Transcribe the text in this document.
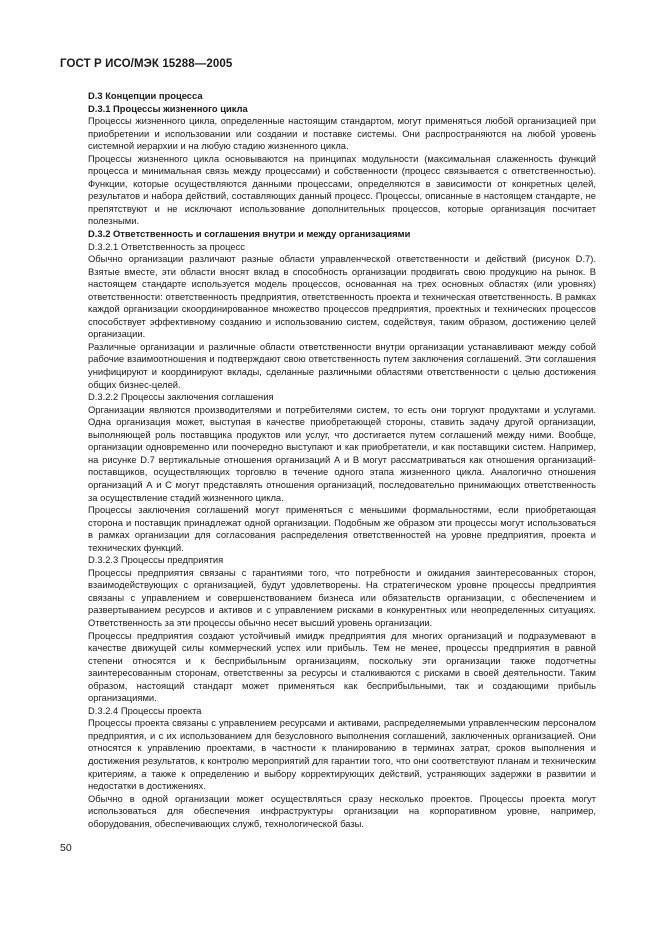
ГОСТ Р ИСО/МЭК 15288—2005

D.3 Концепции процесса

D.3.1 Процессы жизненного цикла

Процессы жизненного цикла, определенные настоящим стандартом, могут применяться любой организацией при приобретении и использовании или создании и поставке системы. Они распространяются на любой уровень системной иерархии и на любую стадию жизненного цикла.

Процессы жизненного цикла основываются на принципах модульности (максимальная слаженность функций процесса и минимальная связь между процессами) и собственности (процесс связывается с ответственностью). Функции, которые осуществляются данными процессами, определяются в зависимости от конкретных целей, результатов и набора действий, составляющих данный процесс. Процессы, описанные в настоящем стандарте, не препятствуют и не исключают использование дополнительных процессов, которые организация посчитает полезными.

D.3.2 Ответственность и соглашения внутри и между организациями

D.3.2.1 Ответственность за процесс

Обычно организации различают разные области управленческой ответственности и действий (рисунок D.7). Взятые вместе, эти области вносят вклад в способность организации продвигать свою продукцию на рынок. В настоящем стандарте используется модель процессов, основанная на трех основных областях (или уровнях) ответственности: ответственность предприятия, ответственность проекта и техническая ответственность. В рамках каждой организации скоординированное множество процессов предприятия, проектных и технических процессов способствует эффективному созданию и использованию систем, содействуя, таким образом, достижению целей организации.

Различные организации и различные области ответственности внутри организации устанавливают между собой рабочие взаимоотношения и подтверждают свою ответственность путем заключения соглашений. Эти соглашения унифицируют и координируют вклады, сделанные различными областями ответственности с целью достижения общих бизнес-целей.

D.3.2.2 Процессы заключения соглашения

Организации являются производителями и потребителями систем, то есть они торгуют продуктами и услугами. Одна организация может, выступая в качестве приобретающей стороны, ставить задачу другой организации, выполняющей роль поставщика продуктов или услуг, что достигается путем соглашений между ними. Вообще, организации одновременно или поочередно выступают и как приобретатели, и как поставщики систем. Например, на рисунке D.7 вертикальные отношения организаций А и В могут рассматриваться как отношения организаций-поставщиков, осуществляющих торговлю в течение одного этапа жизненного цикла. Аналогично отношения организаций А и С могут представлять отношения организаций, последовательно принимающих ответственность за осуществление стадий жизненного цикла.

Процессы заключения соглашений могут применяться с меньшими формальностями, если приобретающая сторона и поставщик принадлежат одной организации. Подобным же образом эти процессы могут использоваться в рамках организации для согласования распределения ответственностей на уровне предприятия, проекта и технических функций.

D.3.2.3 Процессы предприятия

Процессы предприятия связаны с гарантиями того, что потребности и ожидания заинтересованных сторон, взаимодействующих с организацией, будут удовлетворены. На стратегическом уровне процессы предприятия связаны с управлением и совершенствованием бизнеса или обязательств организации, с обеспечением и развертыванием ресурсов и активов и с управлением рисками в конкурентных или неопределенных ситуациях. Ответственность за эти процессы обычно несет высший уровень организации.

Процессы предприятия создают устойчивый имидж предприятия для многих организаций и подразумевают в качестве движущей силы коммерческий успех или прибыль. Тем не менее, процессы предприятия в равной степени относятся и к бесприбыльным организациям, поскольку эти организации также подотчетны заинтересованным сторонам, ответственны за ресурсы и сталкиваются с рисками в своей деятельности. Таким образом, настоящий стандарт может применяться как бесприбыльными, так и создающими прибыль организациями.

D.3.2.4 Процессы проекта

Процессы проекта связаны с управлением ресурсами и активами, распределяемыми управленческим персоналом предприятия, и с их использованием для безусловного выполнения соглашений, заключенных организацией. Они относятся к управлению проектами, в частности к планированию в терминах затрат, сроков выполнения и достижения результатов, к контролю мероприятий для гарантии того, что они соответствуют планам и техническим критериям, а также к определению и выбору корректирующих действий, устраняющих задержки в развитии и недостатки в достижениях.

Обычно в одной организации может осуществляться сразу несколько проектов. Процессы проекта могут использоваться для обеспечения инфраструктуры организации на корпоративном уровне, например, оборудования, обеспечивающих служб, технологической базы.

50
